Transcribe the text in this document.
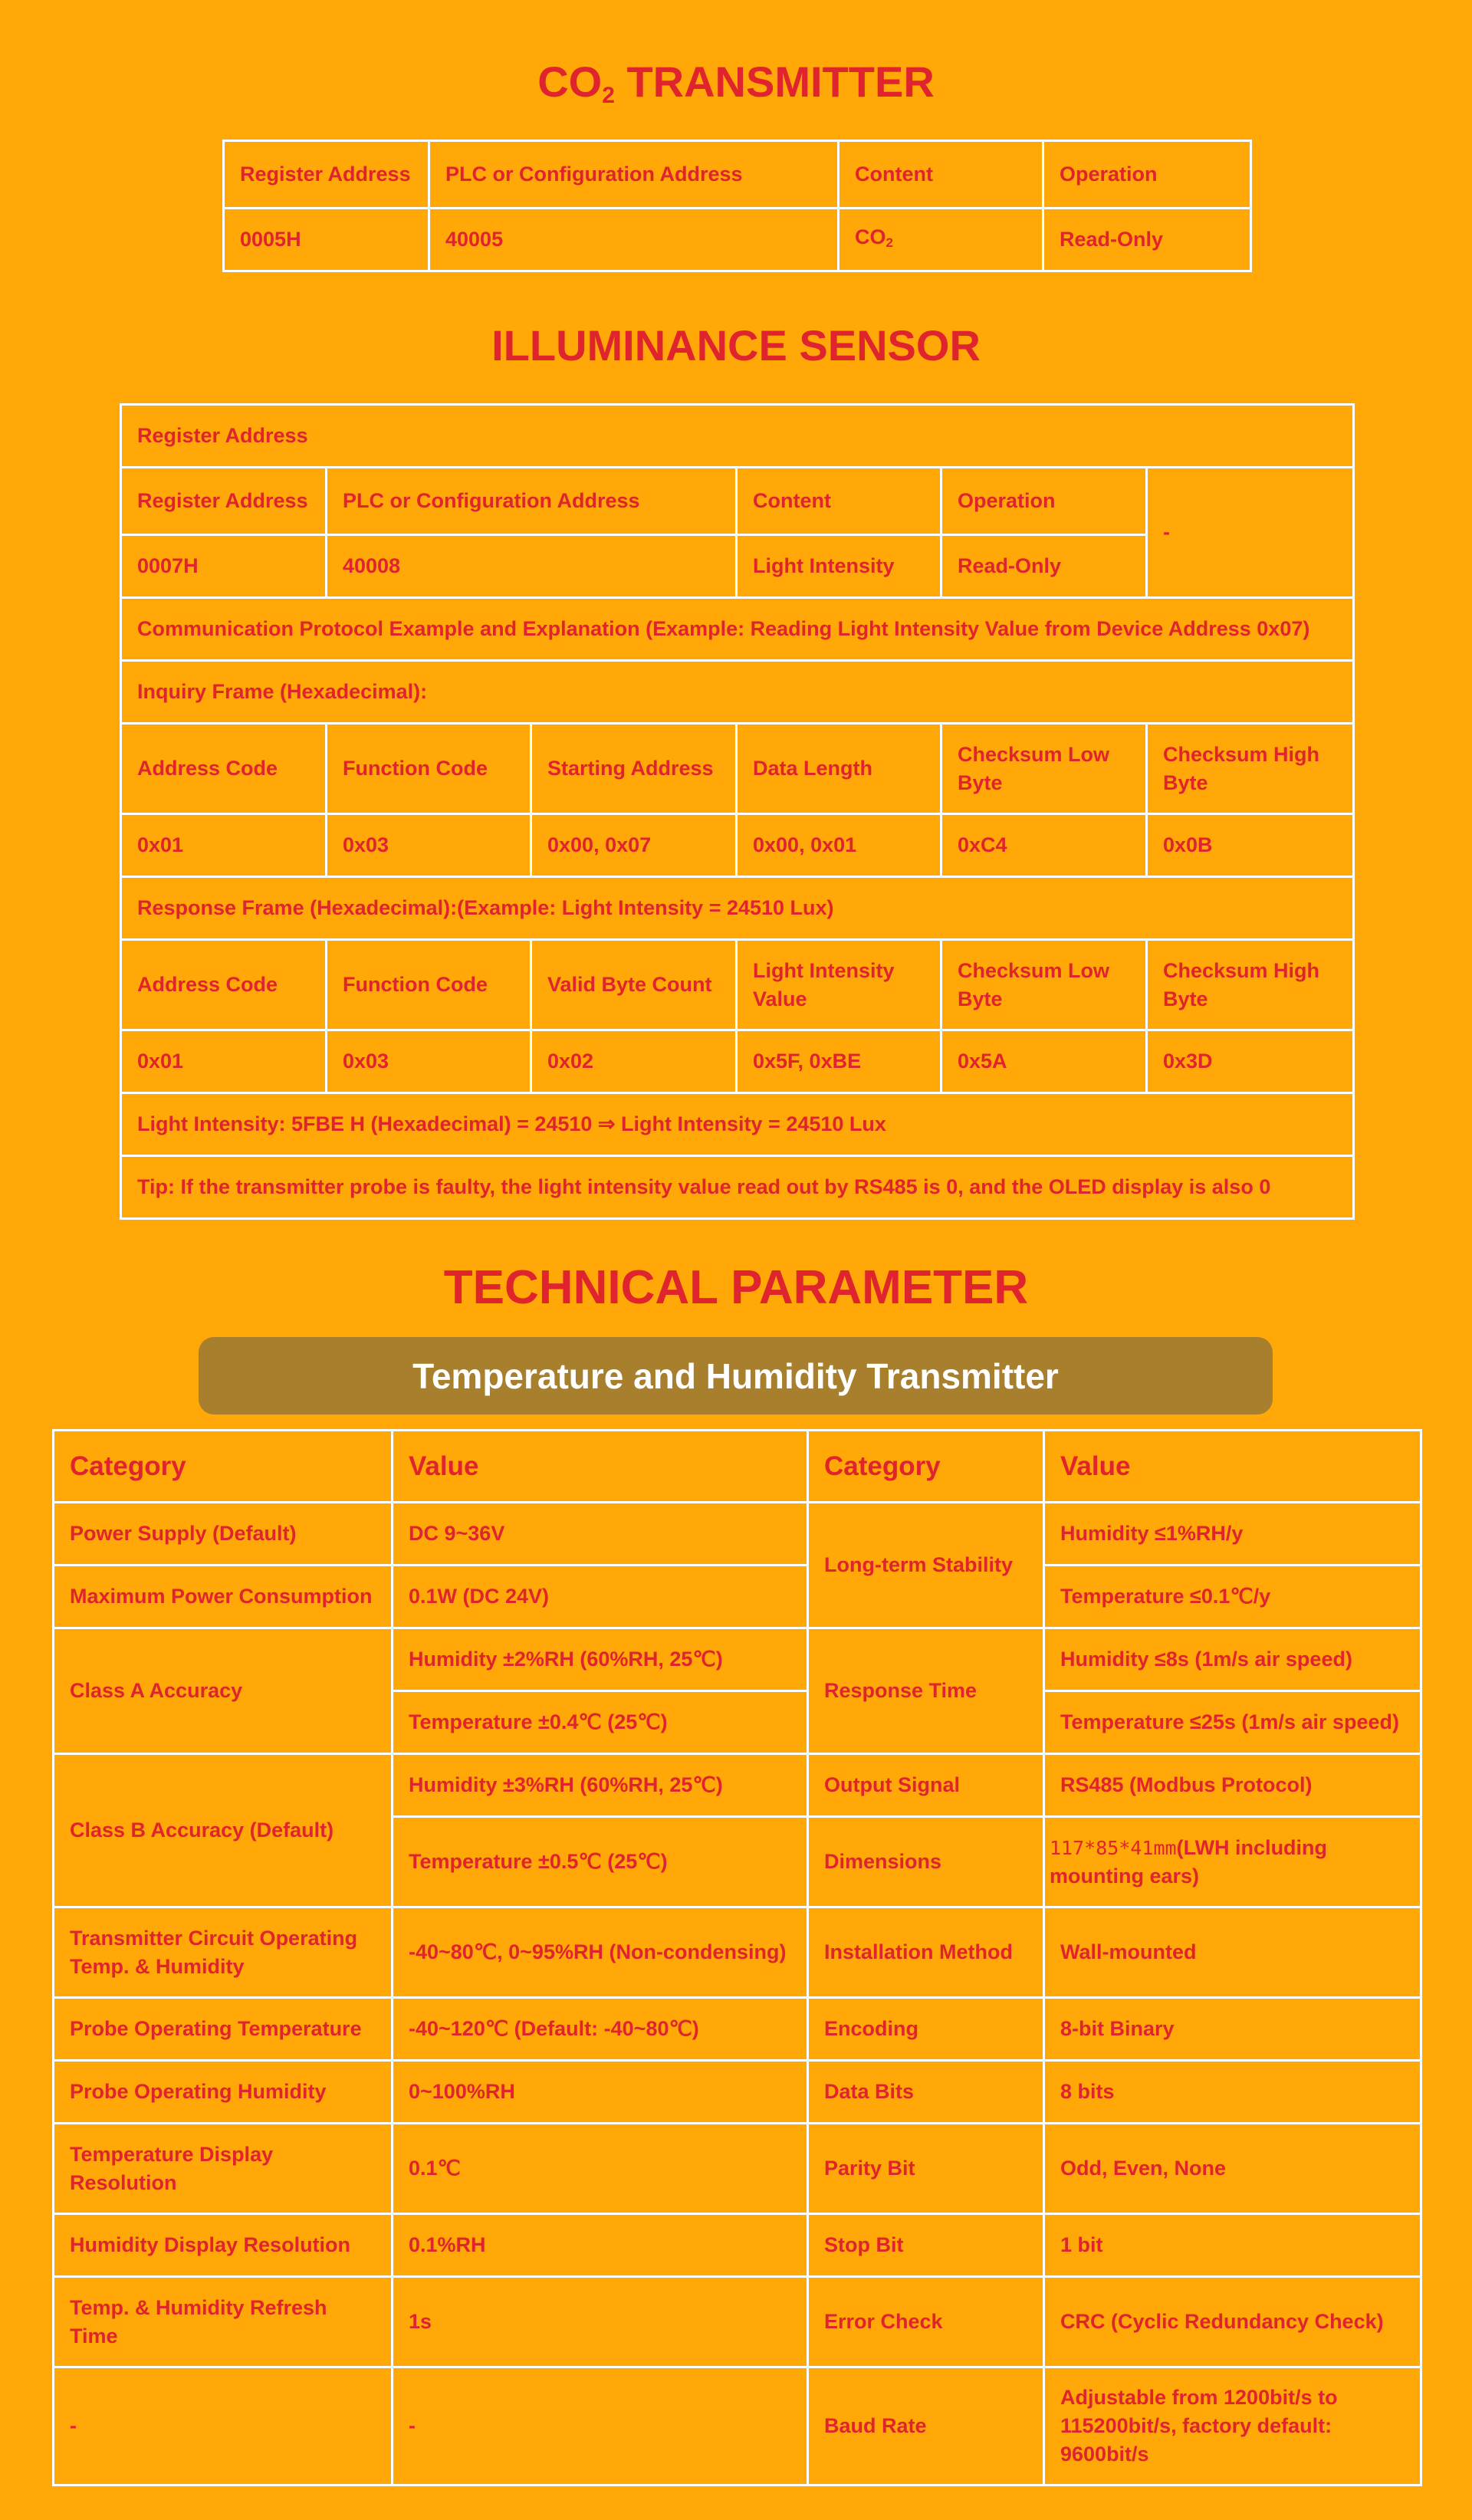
$CO_2$ TRANSMITTER
Register Address	PLC or Configuration Address	Content	Operation
0005H	40005	$CO_2$	Read-Only
ILLUMINANCE SENSOR
Register Address					
Register Address	PLC or Configuration Address		Content	Operation	-
0007H	40008		Light Intensity	Read-Only	
Communication Protocol Example and Explanation (Example: Reading Light Intensity Value from Device Address 0x07)					
Inquiry Frame (Hexadecimal):					
Address Code	Function Code	Starting Address	Data Length	Checksum Low Byte	Checksum High Byte
0x01	0x03	0x00, 0x07	0x00, 0x01	0xC4	0x0B
Response Frame (Hexadecimal):(Example: Light Intensity = 24510 Lux)					
Address Code	Function Code	Valid Byte Count	Light Intensity Value	Checksum Low Byte	Checksum High Byte
0x01	0x03	0x02	0x5F, 0xBE	0x5A	0x3D
Light Intensity: 5FBE H (Hexadecimal) = 24510 ⇒ Light Intensity = 24510 Lux					
Tip: If the transmitter probe is faulty, the light intensity value read out by RS485 is 0, and the OLED display is also 0					
TECHNICAL PARAMETER
Temperature and Humidity Transmitter
Category	Value	Category	Value
Power Supply (Default)	DC 9~36V	Long-term Stability	Humidity ≤1%RH/y
Maximum Power Consumption	0.1W (DC 24V)		Temperature ≤0.1℃/y
Class A Accuracy	Humidity ±2%RH (60%RH, 25℃)	Response Time	Humidity ≤8s (1m/s air speed)
	Temperature ±0.4℃ (25℃)		Temperature ≤25s (1m/s air speed)
Class B Accuracy (Default)	Humidity ±3%RH (60%RH, 25℃)	Output Signal	RS485 (Modbus Protocol)
	Temperature ±0.5℃ (25℃)	Dimensions	117*85*41mm(LWH including mounting ears)
Transmitter Circuit Operating Temp. & Humidity	-40~80℃, 0~95%RH (Non-condensing)	Installation Method	Wall-mounted
Probe Operating Temperature	-40~120℃ (Default: -40~80℃)	Encoding	8-bit Binary
Probe Operating Humidity	0~100%RH	Data Bits	8 bits
Temperature Display Resolution	0.1℃	Parity Bit	Odd, Even, None
Humidity Display Resolution	0.1%RH	Stop Bit	1 bit
Temp. & Humidity Refresh Time	1s	Error Check	CRC (Cyclic Redundancy Check)
-	-	Baud Rate	Adjustable from 1200bit/s to 115200bit/s, factory default: 9600bit/s
